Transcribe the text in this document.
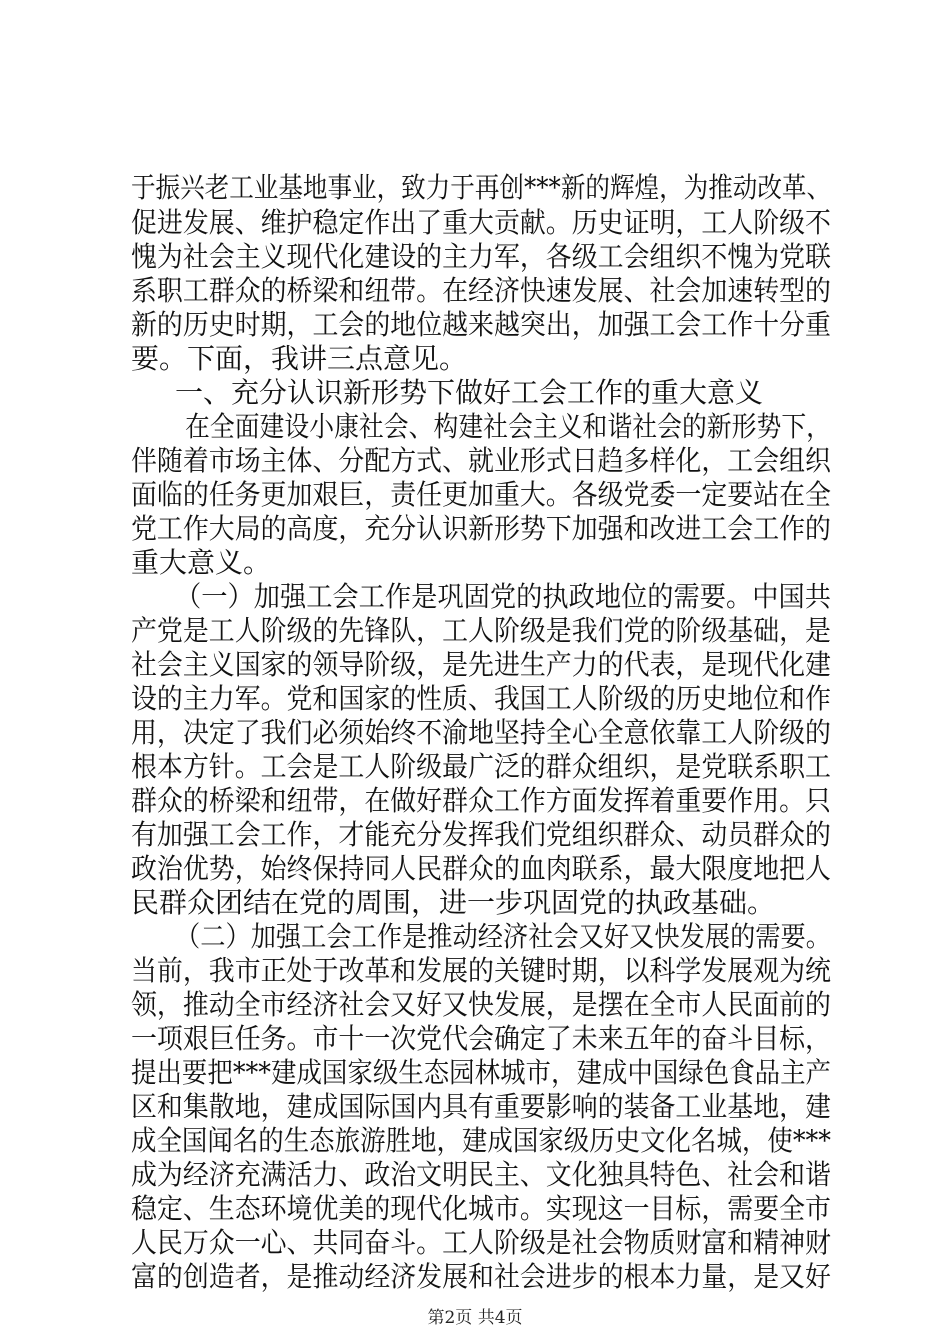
于振兴老工业基地事业，致力于再创***新的辉煌，为推动改革、
促进发展、维护稳定作出了重大贡献。历史证明，工人阶级不
愧为社会主义现代化建设的主力军，各级工会组织不愧为党联
系职工群众的桥梁和纽带。在经济快速发展、社会加速转型的
新的历史时期，工会的地位越来越突出，加强工会工作十分重
要。下面，我讲三点意见。
一、充分认识新形势下做好工会工作的重大意义
在全面建设小康社会、构建社会主义和谐社会的新形势下，
伴随着市场主体、分配方式、就业形式日趋多样化，工会组织
面临的任务更加艰巨，责任更加重大。各级党委一定要站在全
党工作大局的高度，充分认识新形势下加强和改进工会工作的
重大意义。
（一）加强工会工作是巩固党的执政地位的需要。中国共
产党是工人阶级的先锋队，工人阶级是我们党的阶级基础，是
社会主义国家的领导阶级，是先进生产力的代表，是现代化建
设的主力军。党和国家的性质、我国工人阶级的历史地位和作
用，决定了我们必须始终不渝地坚持全心全意依靠工人阶级的
根本方针。工会是工人阶级最广泛的群众组织，是党联系职工
群众的桥梁和纽带，在做好群众工作方面发挥着重要作用。只
有加强工会工作，才能充分发挥我们党组织群众、动员群众的
政治优势，始终保持同人民群众的血肉联系，最大限度地把人
民群众团结在党的周围，进一步巩固党的执政基础。
（二）加强工会工作是推动经济社会又好又快发展的需要。
当前，我市正处于改革和发展的关键时期，以科学发展观为统
领，推动全市经济社会又好又快发展，是摆在全市人民面前的
一项艰巨任务。市十一次党代会确定了未来五年的奋斗目标，
提出要把***建成国家级生态园林城市，建成中国绿色食品主产
区和集散地，建成国际国内具有重要影响的装备工业基地，建
成全国闻名的生态旅游胜地，建成国家级历史文化名城，使***
成为经济充满活力、政治文明民主、文化独具特色、社会和谐
稳定、生态环境优美的现代化城市。实现这一目标，需要全市
人民万众一心、共同奋斗。工人阶级是社会物质财富和精神财
富的创造者，是推动经济发展和社会进步的根本力量，是又好
第2页 共4页
